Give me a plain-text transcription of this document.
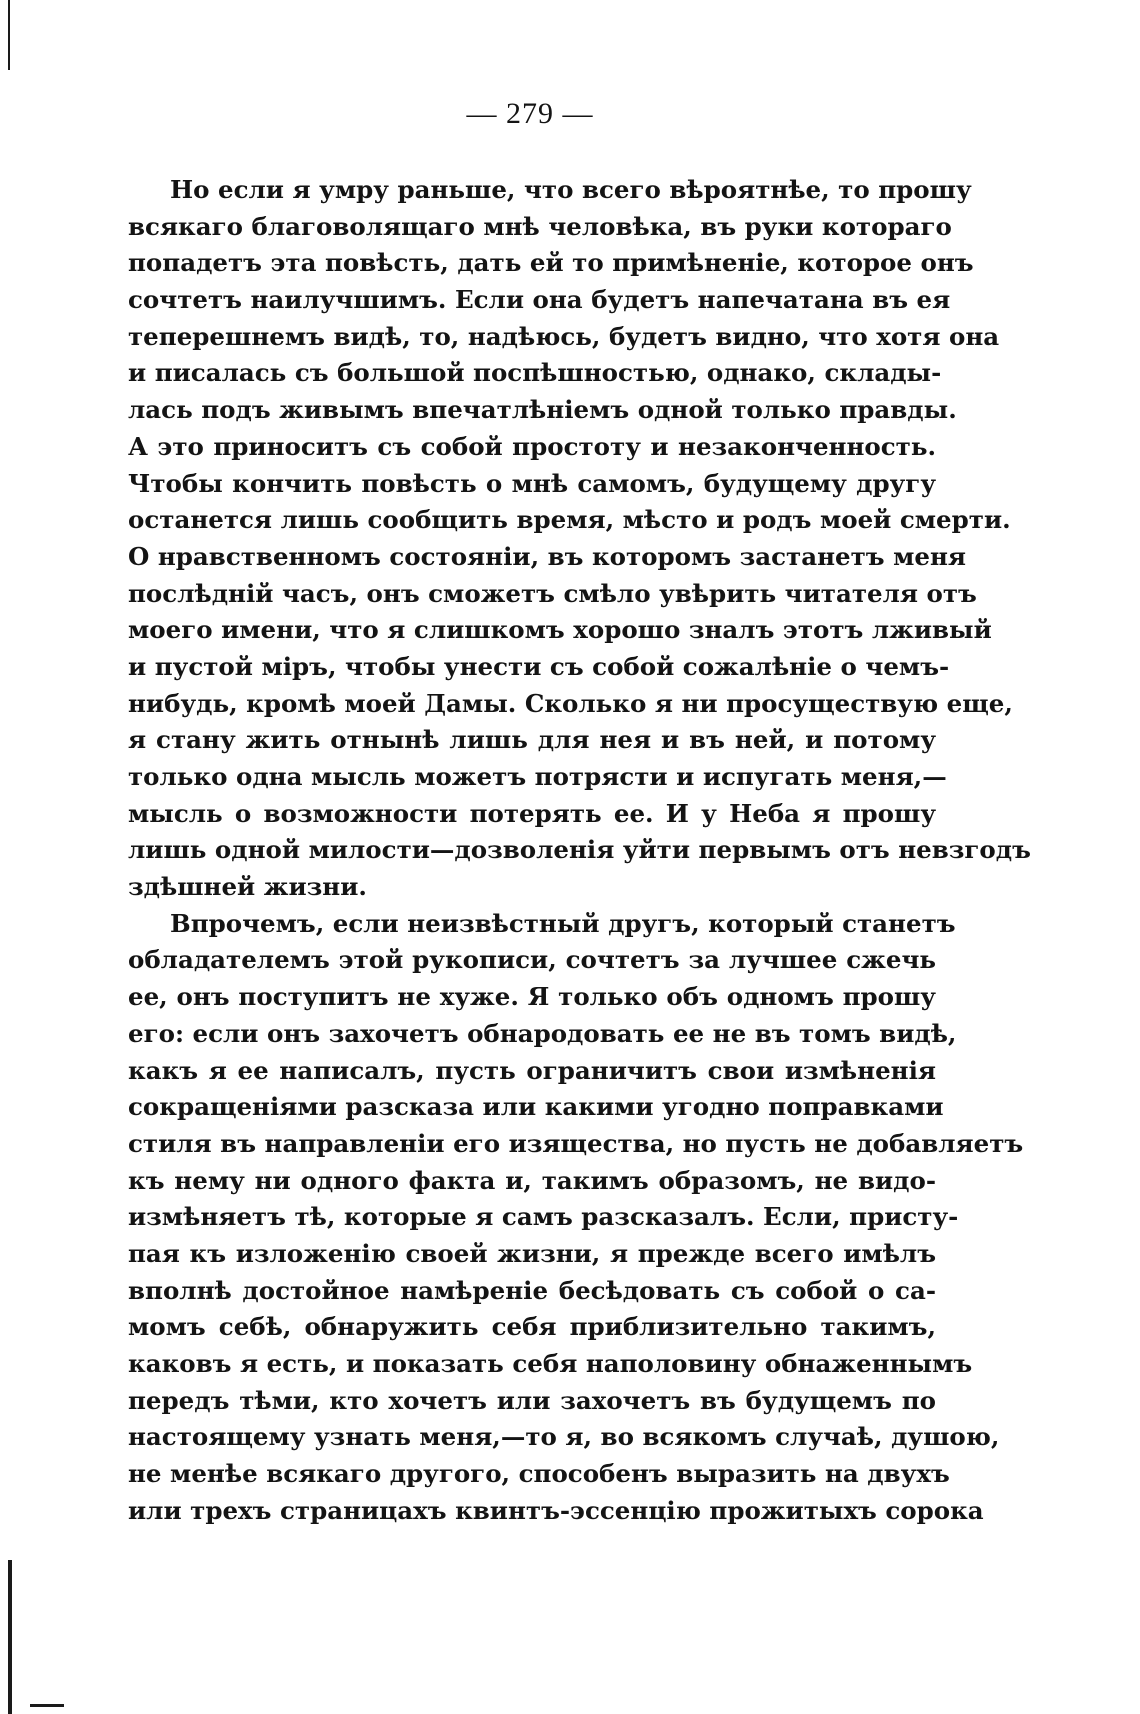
— 279 —

Но если я умру раньше, что всего вѣроятнѣе, то прошу
всякаго благоволящаго мнѣ человѣка, въ руки котораго
попадетъ эта повѣсть, дать ей то примѣненіе, которое онъ
сочтетъ наилучшимъ. Если она будетъ напечатана въ ея
теперешнемъ видѣ, то, надѣюсь, будетъ видно, что хотя она
и писалась съ большой поспѣшностью, однако, склады-
лась подъ живымъ впечатлѣніемъ одной только правды.
А это приноситъ съ собой простоту и незаконченность.
Чтобы кончить повѣсть о мнѣ самомъ, будущему другу
останется лишь сообщить время, мѣсто и родъ моей смерти.
О нравственномъ состояніи, въ которомъ застанетъ меня
послѣдній часъ, онъ сможетъ смѣло увѣрить читателя отъ
моего имени, что я слишкомъ хорошо зналъ этотъ лживый
и пустой міръ, чтобы унести съ собой сожалѣніе о чемъ-
нибудь, кромѣ моей Дамы. Сколько я ни просуществую еще,
я стану жить отнынѣ лишь для нея и въ ней, и потому
только одна мысль можетъ потрясти и испугать меня,—
мысль о возможности потерять ее. И у Неба я прошу
лишь одной милости—дозволенія уйти первымъ отъ невзгодъ
здѣшней жизни.

Впрочемъ, если неизвѣстный другъ, который станетъ
обладателемъ этой рукописи, сочтетъ за лучшее сжечь
ее, онъ поступитъ не хуже. Я только объ одномъ прошу
его: если онъ захочетъ обнародовать ее не въ томъ видѣ,
какъ я ее написалъ, пусть ограничитъ свои измѣненія
сокращеніями разсказа или какими угодно поправками
стиля въ направленіи его изящества, но пусть не добавляетъ
къ нему ни одного факта и, такимъ образомъ, не видо-
измѣняетъ тѣ, которые я самъ разсказалъ. Если, присту-
пая къ изложенію своей жизни, я прежде всего имѣлъ
вполнѣ достойное намѣреніе бесѣдовать съ собой о са-
момъ себѣ, обнаружить себя приблизительно такимъ,
каковъ я есть, и показать себя наполовину обнаженнымъ
передъ тѣми, кто хочетъ или захочетъ въ будущемъ по
настоящему узнать меня,—то я, во всякомъ случаѣ, душою,
не менѣе всякаго другого, способенъ выразить на двухъ
или трехъ страницахъ квинтъ-эссенцію прожитыхъ сорока
